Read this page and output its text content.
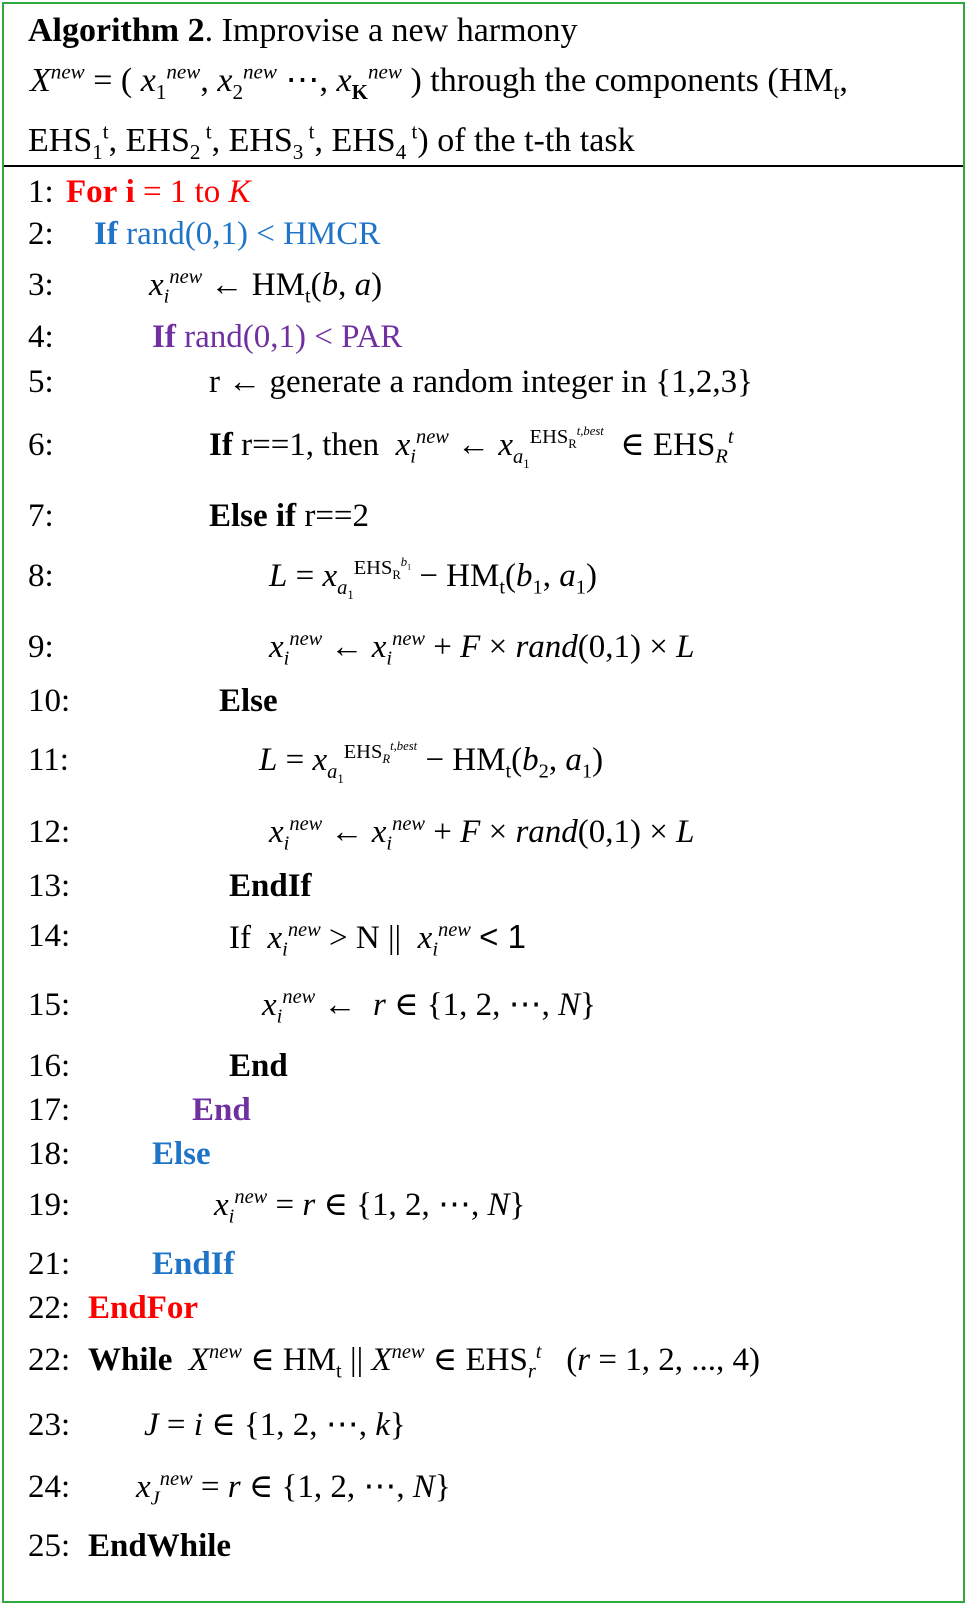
Algorithm 2. Improvise a new harmony
$X^{new}$ = ( $x_1^{new}$, $x_2^{new}$ ⋯, $x_K^{new}$ ) through the components ($HM_t$,
$EHS_1^t$, $EHS_2$ $^t$, $EHS_3$ $^t$, $EHS_4$ $^t$) of the t-th task
1: For i = 1 to K
2: If rand(0,1) < HMCR
3:	$x_i^{new}$ ← $HM_t(b$, a)
4:	If rand(0,1) < PAR
5:	r ← generate a random integer in {1,2,3}
6:	If r==1, then  $x_i^{new}$ ← $x_{a_1}^{EHS_R^{t,best}}$  ∈ $EHS_R^t$
7:	Else if r==2
8:	$L = x_{a_1}^{EHS_R^{b_1}} - HM_t(b_1$, $a_1$)
9:	$x_i^{new}$ ← $x_i^{new} + F$ × rand(0,1) × L
10:	Else
11:	$L = x_{a_1}^{EHS_R^{t,best}} - HM_t(b_2$, $a_1$)
12:	$x_i^{new}$ ← $x_i^{new} + F$ × rand(0,1) × L
13:	EndIf
14:	If  $x_i^{new} > N$ ||  $x_i^{new} < 1$
15:	$x_i^{new}$ ← r ∈ {1, 2, ⋯, N}
16:	End
17:	End
18: Else
19:	$x_i^{new} = r$ ∈ {1, 2, ⋯, N}
21: EndIf
22: EndFor
22: While $X^{new}$ ∈ $HM_t$ || $X^{new}$ ∈ $EHS_r^t$   (r = 1, 2, ..., 4)
23: J = i ∈ {1, 2, ⋯, k}
24: $x_J^{new} = r$ ∈ {1, 2, ⋯, N}
25: EndWhile
